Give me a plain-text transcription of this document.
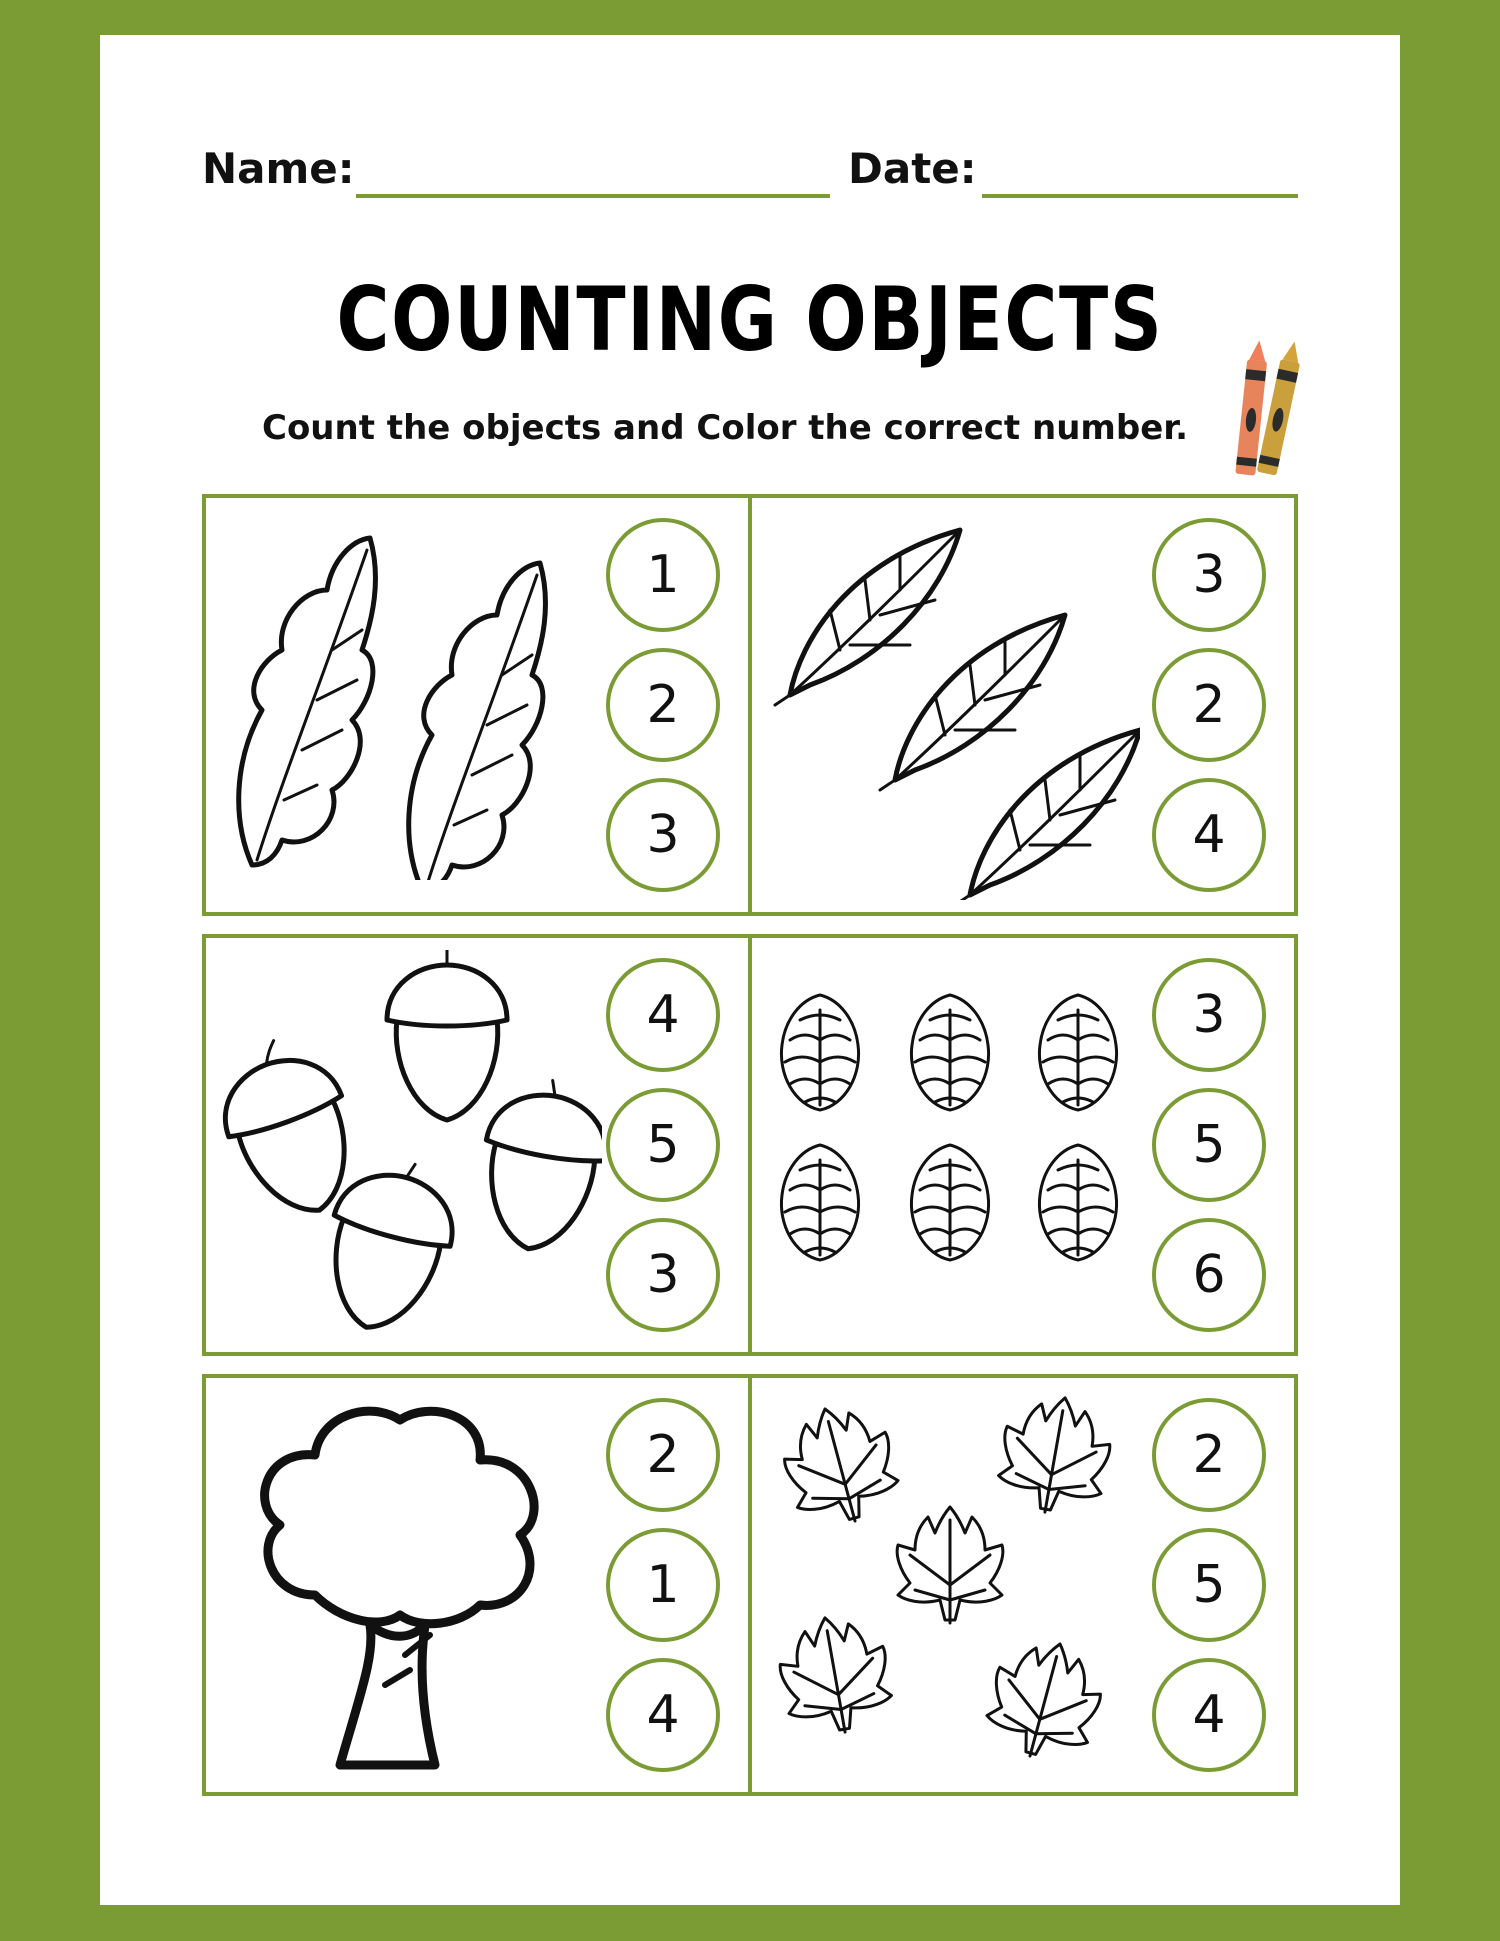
Name:	Date:
COUNTING OBJECTS
Count the objects and Color the correct number.
1
2
3
3
2
4
4
5
3
3
5
6
2
1
4
2
5
4
